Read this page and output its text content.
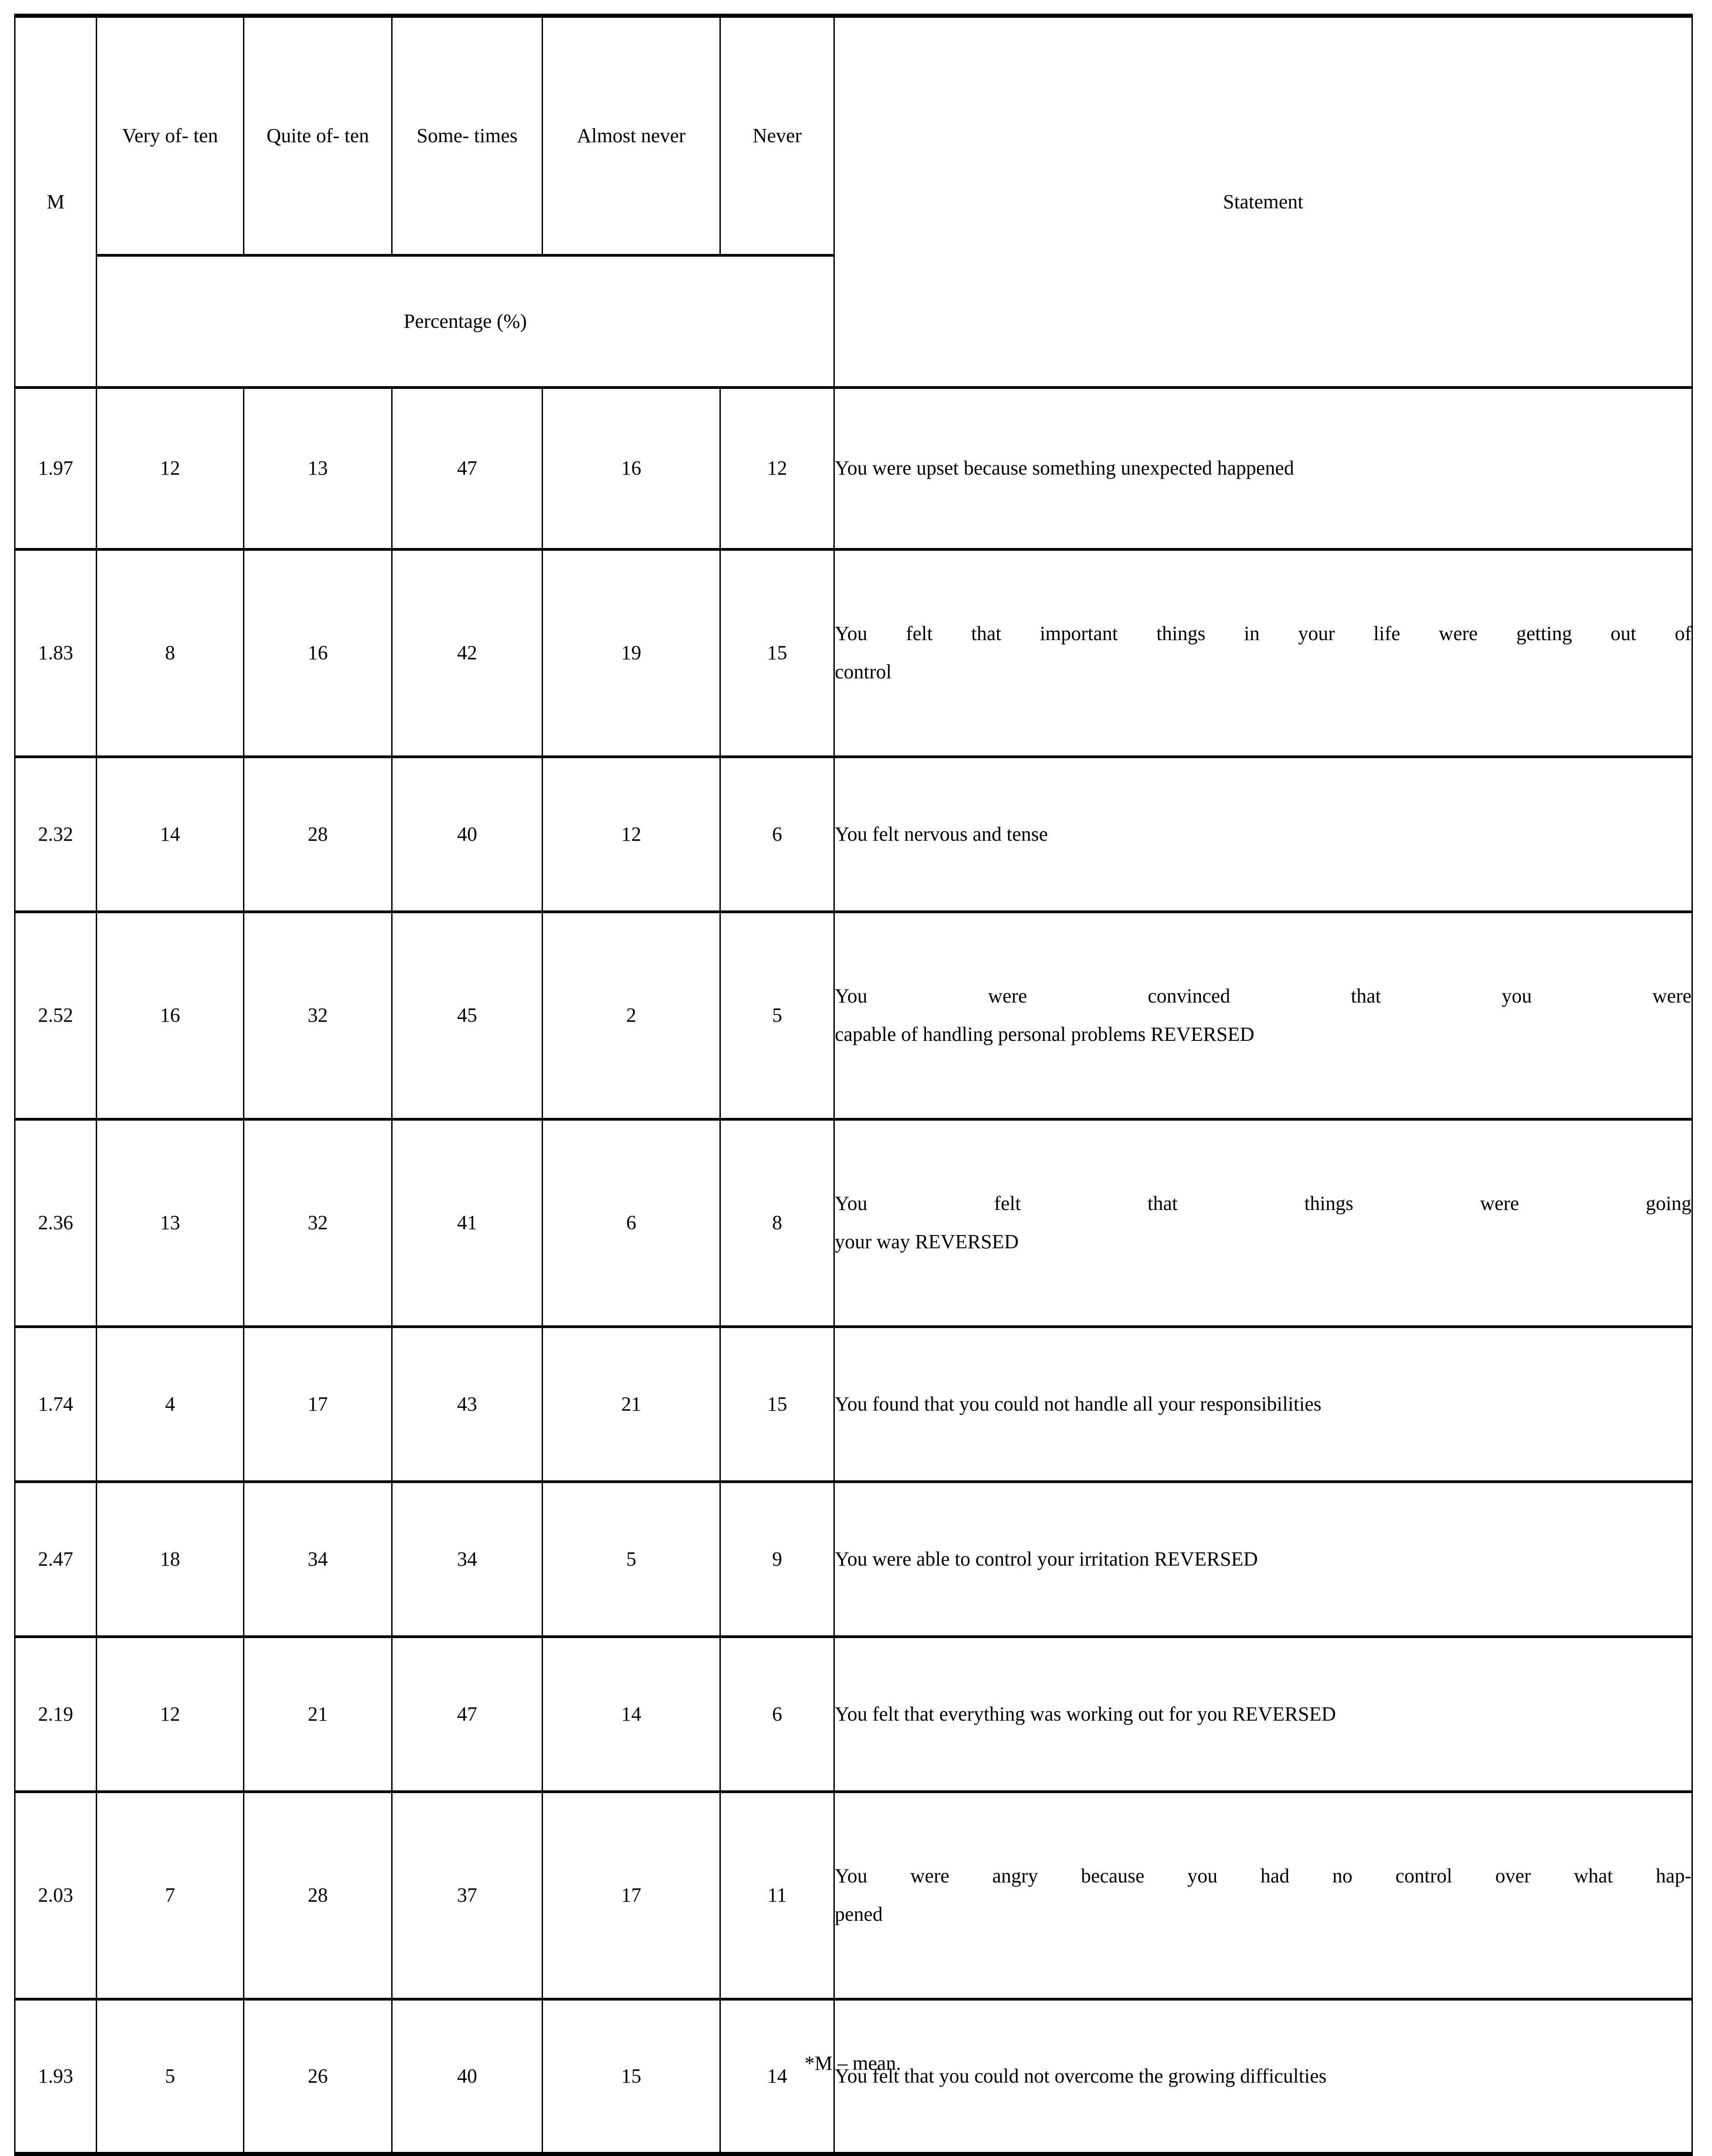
M	Very of- ten	Quite of- ten	Some- times	Almost never	Never	Statement
	Percentage (%)					
1.97	12	13	47	16	12	You were upset because something unexpected happened
1.83	8	16	42	19	15	You felt that important things in your life were getting out of
control

2.32	14	28	40	12	6	You felt nervous and tense
2.52	16	32	45	2	5	You were convinced that you were
capable of handling personal problems REVERSED

2.36	13	32	41	6	8	You felt that things were going
your way REVERSED

1.74	4	17	43	21	15	You found that you could not handle all your responsibilities
2.47	18	34	34	5	9	You were able to control your irritation REVERSED
2.19	12	21	47	14	6	You felt that everything was working out for you REVERSED
2.03	7	28	37	17	11	You were angry because you had no control over what hap-
pened

1.93	5	26	40	15	14	You felt that you could not overcome the growing difficulties
*M – mean.
